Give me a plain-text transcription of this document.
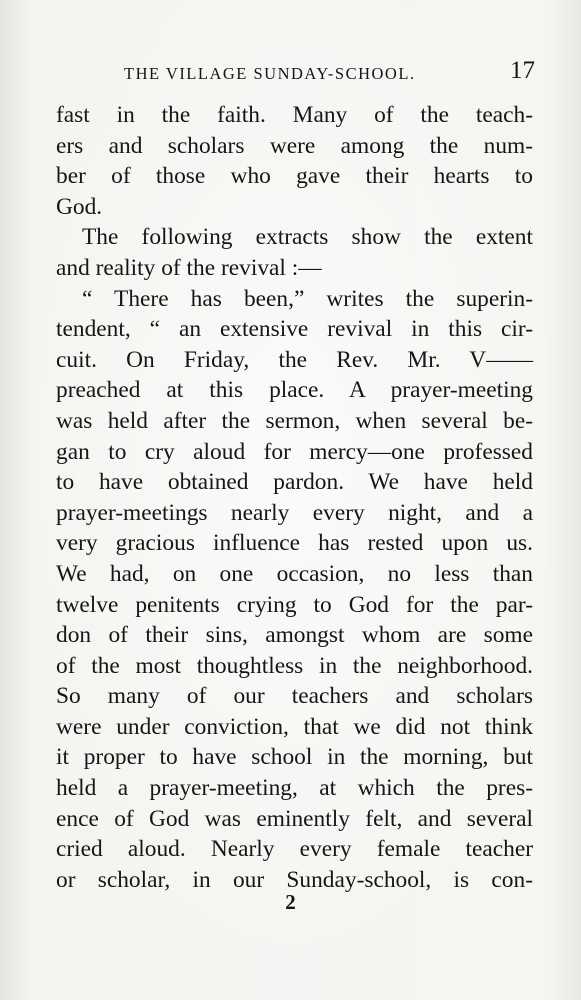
THE VILLAGE SUNDAY-SCHOOL.	17
fast in the faith. Many of the teach-
ers and scholars were among the num-
ber of those who gave their hearts to
God.
The following extracts show the extent
and reality of the revival :—
“ There has been,” writes the superin-
tendent, “ an extensive revival in this cir-
cuit. On Friday, the Rev. Mr. V——
preached at this place. A prayer-meeting
was held after the sermon, when several be-
gan to cry aloud for mercy—one professed
to have obtained pardon. We have held
prayer-meetings nearly every night, and a
very gracious influence has rested upon us.
We had, on one occasion, no less than
twelve penitents crying to God for the par-
don of their sins, amongst whom are some
of the most thoughtless in the neighborhood.
So many of our teachers and scholars
were under conviction, that we did not think
it proper to have school in the morning, but
held a prayer-meeting, at which the pres-
ence of God was eminently felt, and several
cried aloud. Nearly every female teacher
or scholar, in our Sunday-school, is con-
2
